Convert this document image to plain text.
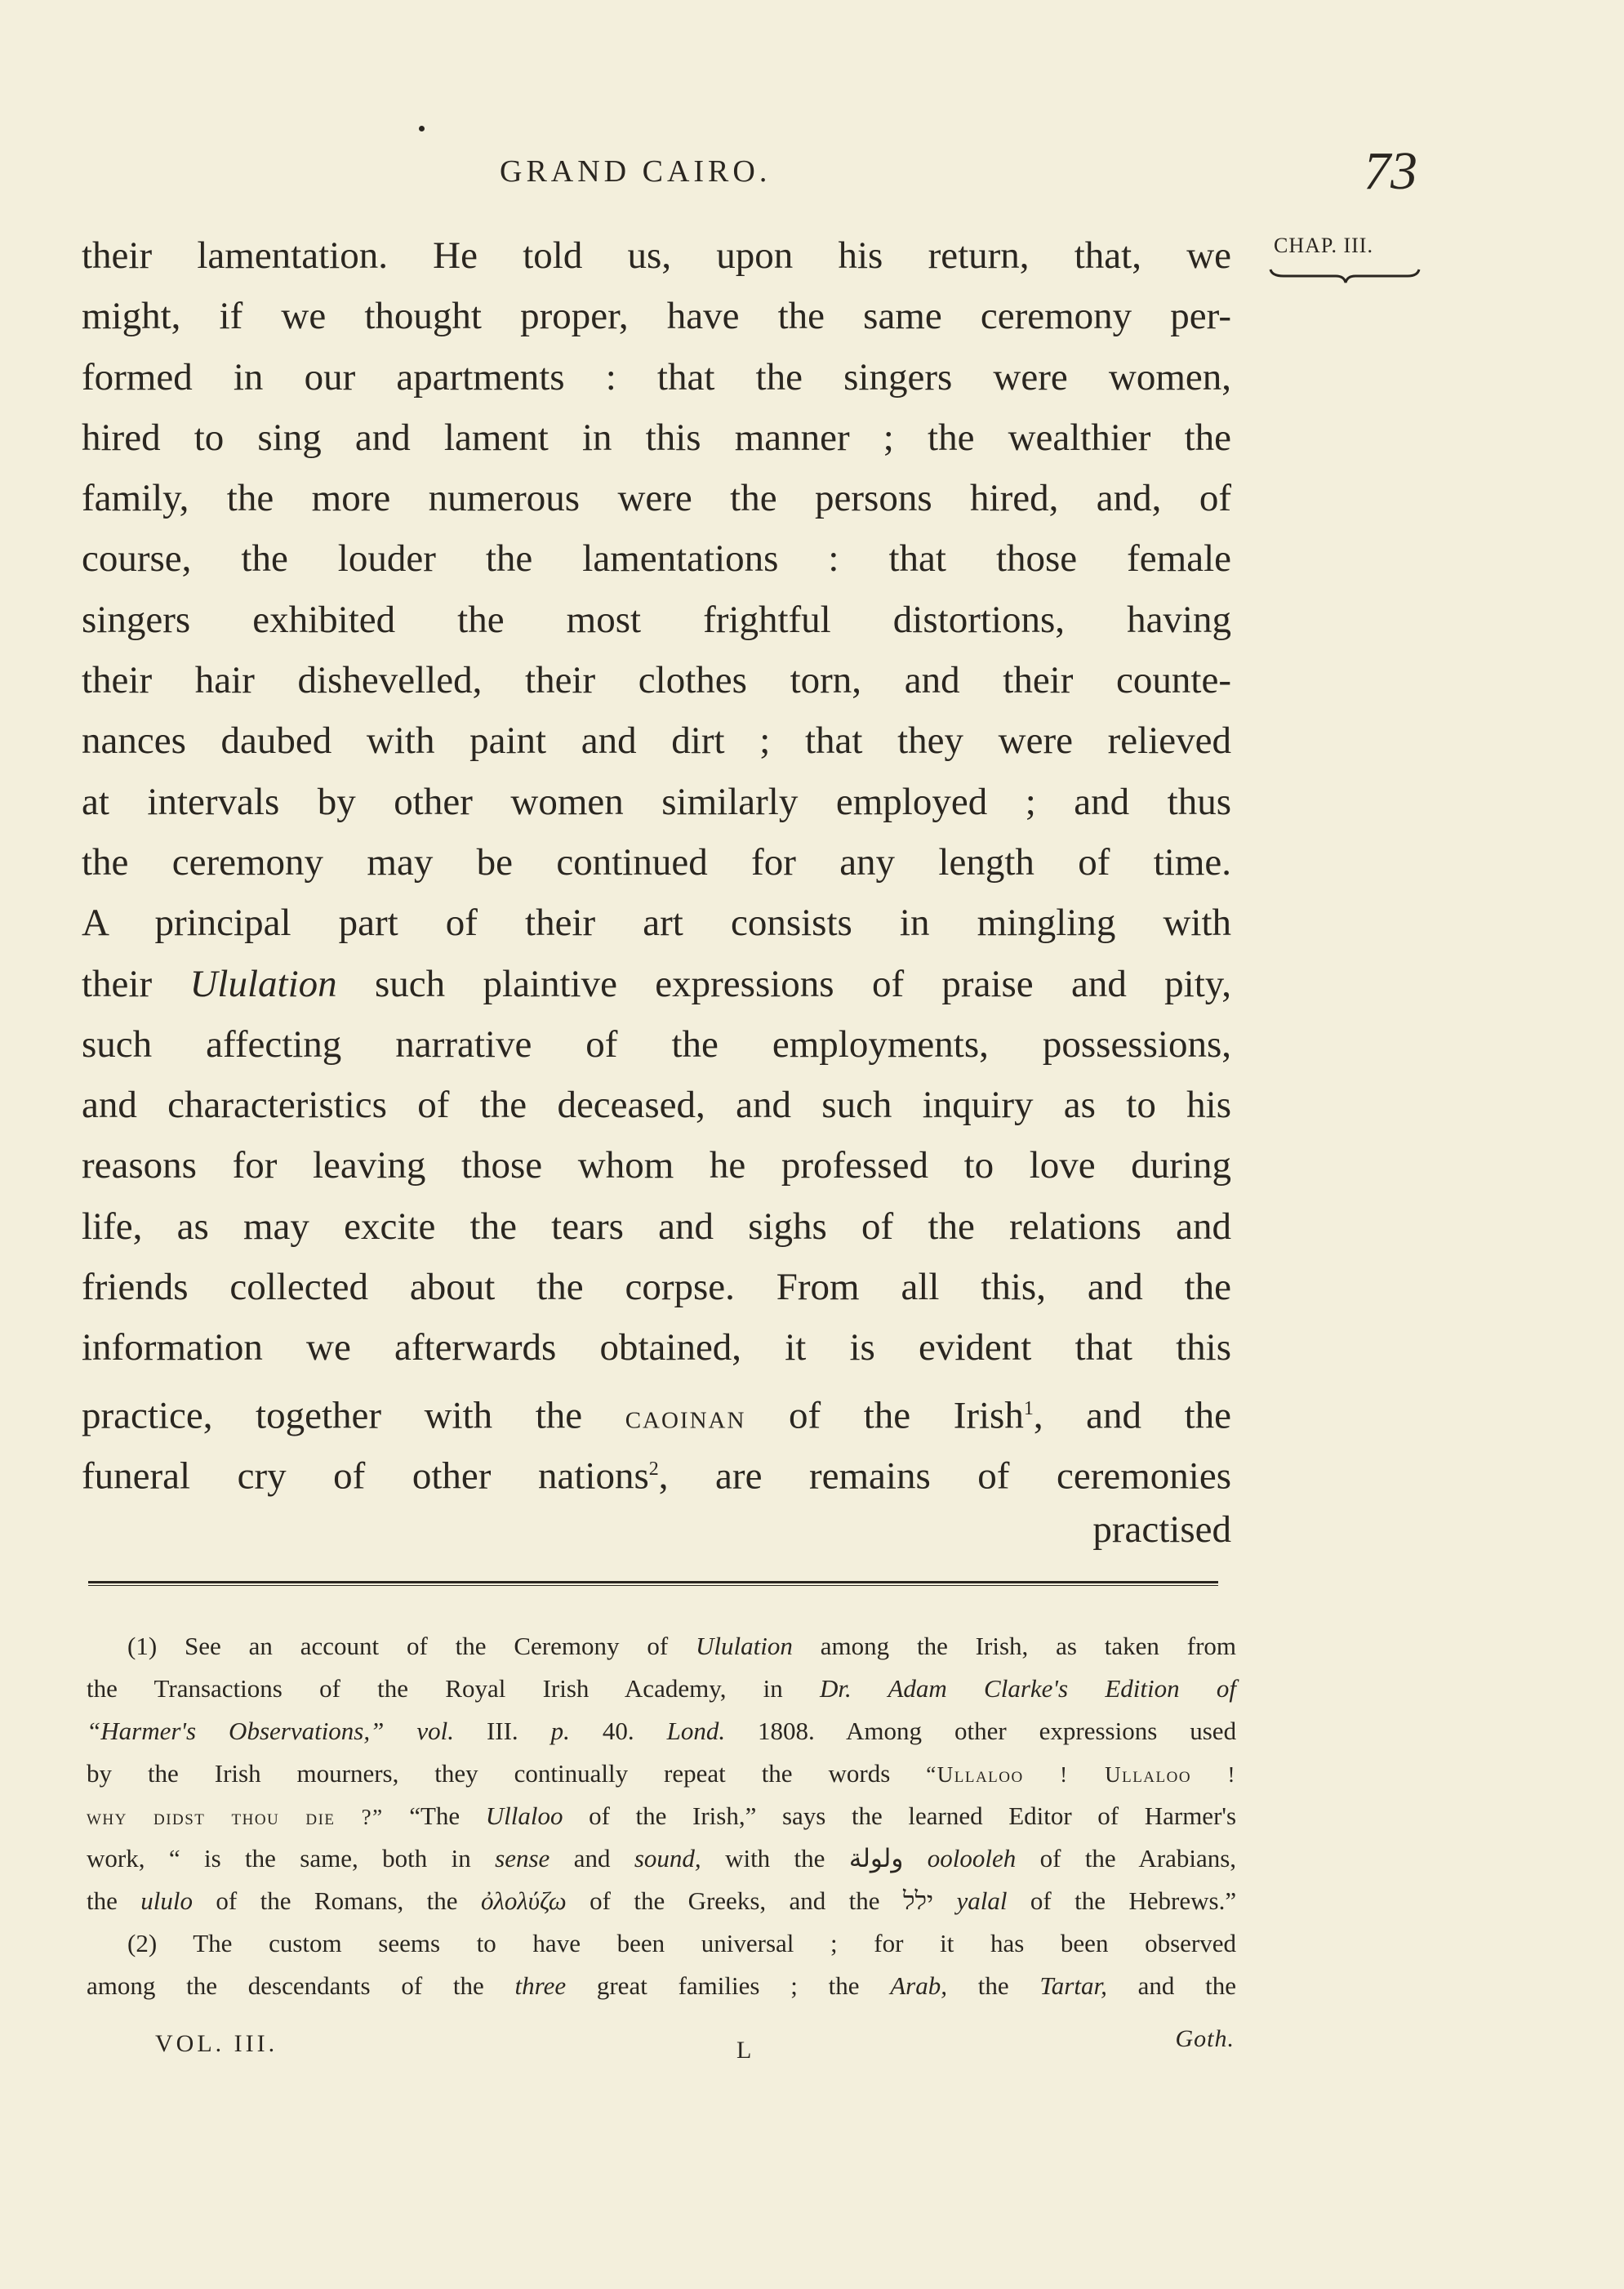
GRAND CAIRO.	73
CHAP. III.
their lamentation. He told us, upon his return, that, we
might, if we thought proper, have the same ceremony per-
formed in our apartments : that the singers were women,
hired to sing and lament in this manner ; the wealthier the
family, the more numerous were the persons hired, and, of
course, the louder the lamentations : that those female
singers exhibited the most frightful distortions, having
their hair dishevelled, their clothes torn, and their counte-
nances daubed with paint and dirt ; that they were relieved
at intervals by other women similarly employed ; and thus
the ceremony may be continued for any length of time.
A principal part of their art consists in mingling with
their Ululation such plaintive expressions of praise and pity,
such affecting narrative of the employments, possessions,
and characteristics of the deceased, and such inquiry as to his
reasons for leaving those whom he professed to love during
life, as may excite the tears and sighs of the relations and
friends collected about the corpse. From all this, and the
information we afterwards obtained, it is evident that this
practice, together with the caoinan of the Irish$^1$, and the
funeral cry of other nations$^2$, are remains of ceremonies
practised
(1) See an account of the Ceremony of Ululation among the Irish, as taken from
the Transactions of the Royal Irish Academy, in Dr. Adam Clarke's Edition of
“Harmer's Observations,” vol. III. p. 40. Lond. 1808. Among other expressions used
by the Irish mourners, they continually repeat the words “Ullaloo ! Ullaloo !
why didst thou die ?” “The Ullaloo of the Irish,” says the learned Editor of Harmer's
work, “ is the same, both in sense and sound, with the ولولة oolooleh of the Arabians,
the ululo of the Romans, the ὀλολύζω of the Greeks, and the ילל yalal of the Hebrews.”
(2) The custom seems to have been universal ; for it has been observed
among the descendants of the three great families ; the Arab, the Tartar, and the
VOL. III.	L	Goth.
